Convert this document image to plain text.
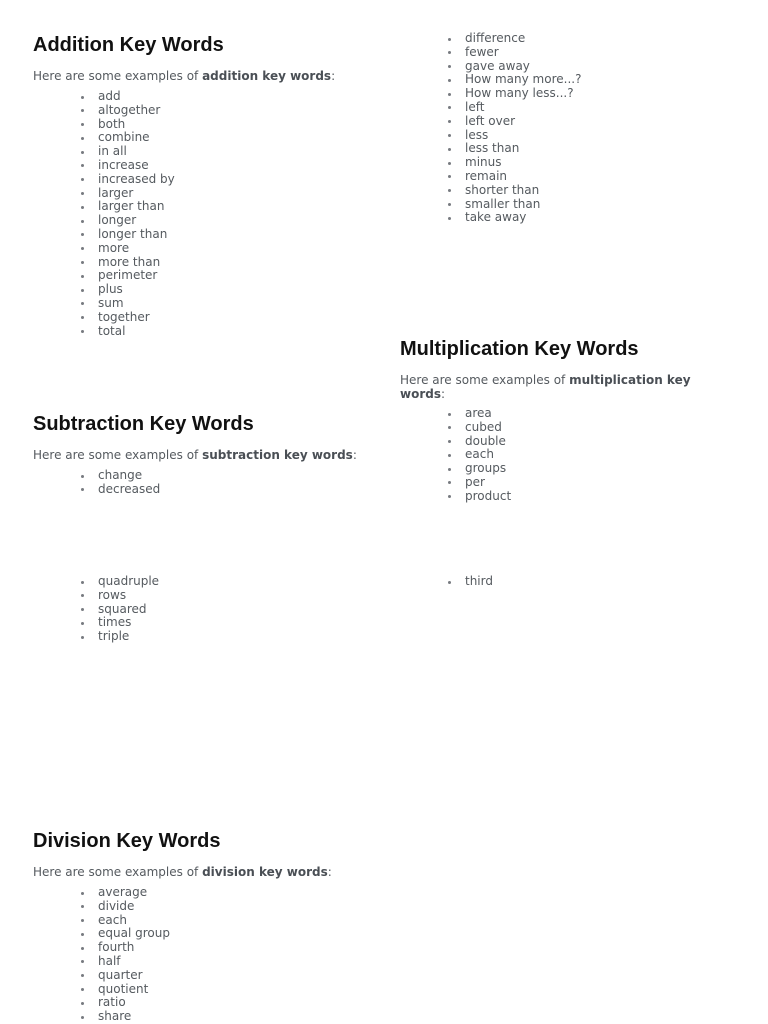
Addition Key Words

Here are some examples of addition key words:

add
altogether
both
combine
in all
increase
increased by
larger
larger than
longer
longer than
more
more than
perimeter
plus
sum
together
total
difference
fewer
gave away
How many more...?
How many less...?
left
left over
less
less than
minus
remain
shorter than
smaller than
take away
Multiplication Key Words

Here are some examples of multiplication key
words:

area
cubed
double
each
groups
per
product
Subtraction Key Words

Here are some examples of subtraction key words:

change
decreased
quadruple
rows
squared
times
triple
third
Division Key Words

Here are some examples of division key words:

average
divide
each
equal group
fourth
half
quarter
quotient
ratio
share
